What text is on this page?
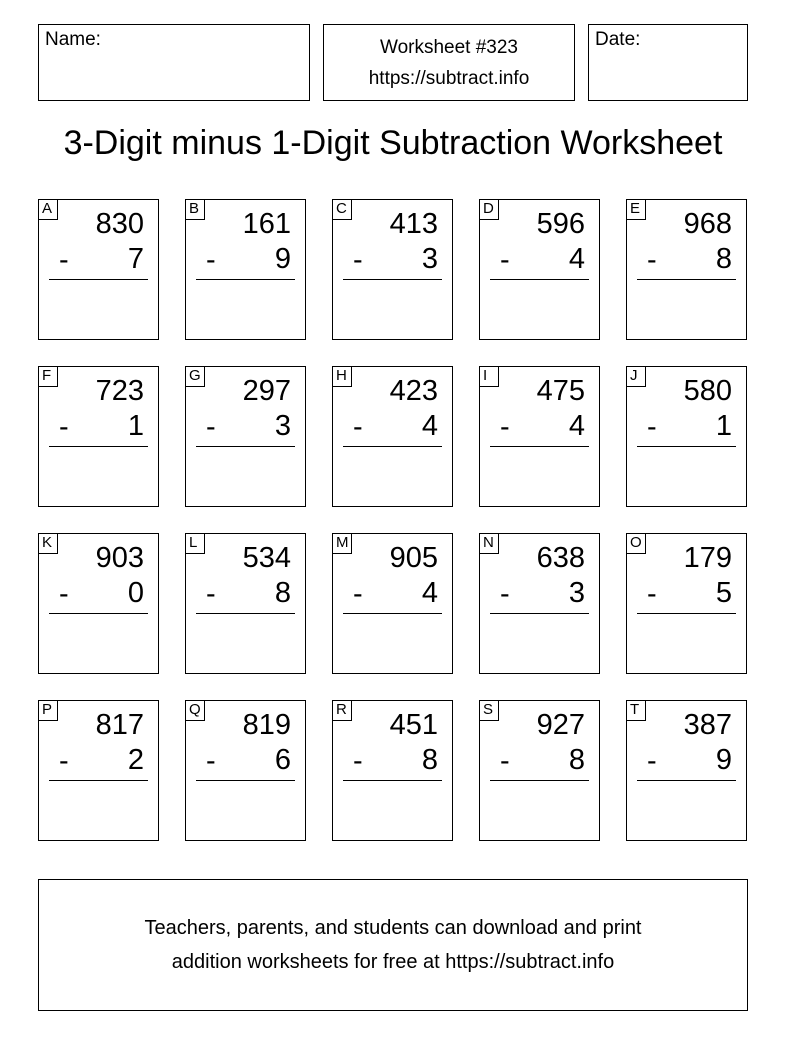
Name:	Worksheet #323
https://subtract.info
Date:
3-Digit minus 1-Digit Subtraction Worksheet
A 830
- 7
B 161
- 9
C 413
- 3
D 596
- 4
E 968
- 8
F 723
- 1
G 297
- 3
H 423
- 4
I	475
- 4
J 580
- 1
K 903
- 0
L 534
- 8
M 905
- 4
N 638
- 3
O 179
- 5
P 817
- 2
Q 819
- 6
R 451
- 8
S 927
- 8
T 387
- 9
Teachers, parents, and students can download and print
addition worksheets for free at https://subtract.info
